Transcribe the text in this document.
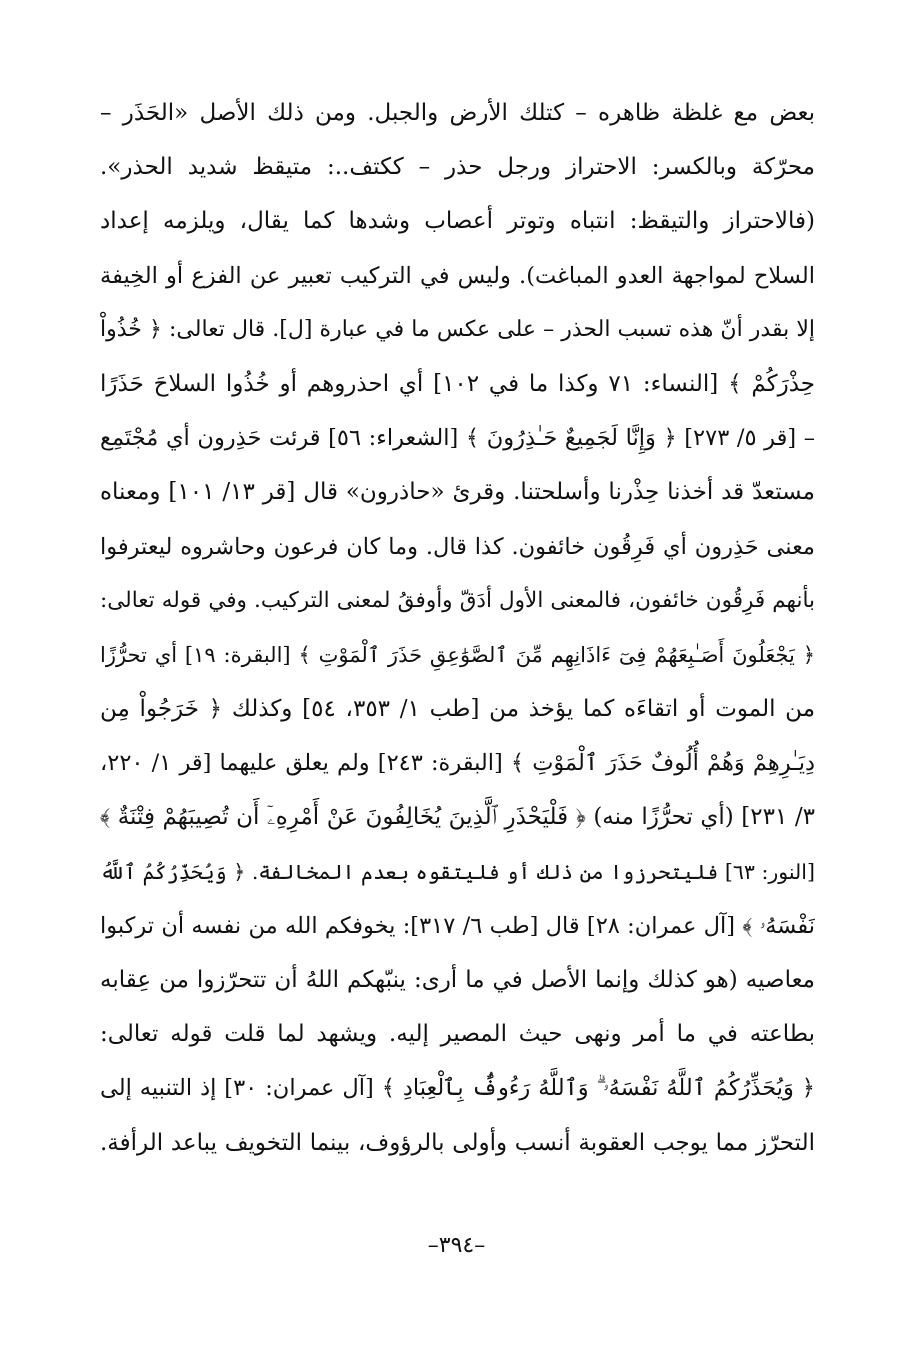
بعض مع غلظة ظاهره – كتلك الأرض والجبل. ومن ذلك الأصل «الحَذَر –
محرّكة وبالكسر: الاحتراز ورجل حذر – ككتف..: متيقظ شديد الحذر».
(فالاحتراز والتيقظ: انتباه وتوتر أعصاب وشدها كما يقال، ويلزمه إعداد
السلاح لمواجهة العدو المباغت). وليس في التركيب تعبير عن الفزع أو الخِيفة
إلا بقدر أنّ هذه تسبب الحذر – على عكس ما في عبارة [ل]. قال تعالى: ﴿ خُذُواْ
حِذْرَكُمْ ﴾ [النساء: ٧١ وكذا ما في ١٠٢] أي احذروهم أو خُذُوا السلاحَ حَذَرًا
– [قر ٥/ ٢٧٣] ﴿ وَإِنَّا لَجَمِيعٌ حَـٰذِرُونَ ﴾ [الشعراء: ٥٦] قرئت حَذِرون أي مُجْتَمِع
مستعدّ قد أخذنا حِذْرنا وأسلحتنا. وقرئ «حاذرون» قال [قر ١٣/ ١٠١] ومعناه
معنى حَذِرون أي فَرِقُون خائفون. كذا قال. وما كان فرعون وحاشروه ليعترفوا
بأنهم فَرِقُون خائفون، فالمعنى الأول أدَقّ وأوفقُ لمعنى التركيب. وفي قوله تعالى:
﴿ يَجْعَلُونَ أَصَـٰبِعَهُمْ فِىٓ ءَاذَانِهِم مِّنَ ٱلصَّوَٰعِقِ حَذَرَ ٱلْمَوْتِ ﴾ [البقرة: ١٩] أي تحرُّزًا
من الموت أو اتقاءَه كما يؤخذ من [طب ١/ ٣٥٣، ٥٤] وكذلك ﴿ خَرَجُواْ مِن
دِيَـٰرِهِمْ وَهُمْ أُلُوفٌ حَذَرَ ٱلْمَوْتِ ﴾ [البقرة: ٢٤٣] ولم يعلق عليهما [قر ١/ ٢٢٠،
٣/ ٢٣١] (أي تحرُّزًا منه) ﴿ فَلْيَحْذَرِ ٱلَّذِينَ يُخَالِفُونَ عَنْ أَمْرِهِۦٓ أَن تُصِيبَهُمْ فِتْنَةٌ ﴾
[النور: ٦٣] فليتحرزوا من ذلك أو فليتقوه بعدم المخالفة. ﴿ وَيُحَذِّرُكُمُ ٱللَّهُ
نَفْسَهُۥ ﴾ [آل عمران: ٢٨] قال [طب ٦/ ٣١٧]: يخوفكم الله من نفسه أن تركبوا
معاصيه (هو كذلك وإنما الأصل في ما أرى: ينبّهكم اللهُ أن تتحرّزوا من عِقابه
بطاعته في ما أمر ونهى حيث المصير إليه. ويشهد لما قلت قوله تعالى:
﴿ وَيُحَذِّرُكُمُ ٱللَّهُ نَفْسَهُۥ ۗ وَٱللَّهُ رَءُوفٌۢ بِٱلْعِبَادِ ﴾ [آل عمران: ٣٠] إذ التنبيه إلى
التحرّز مما يوجب العقوبة أنسب وأولى بالرؤوف، بينما التخويف يباعد الرأفة.
–٣٩٤–
